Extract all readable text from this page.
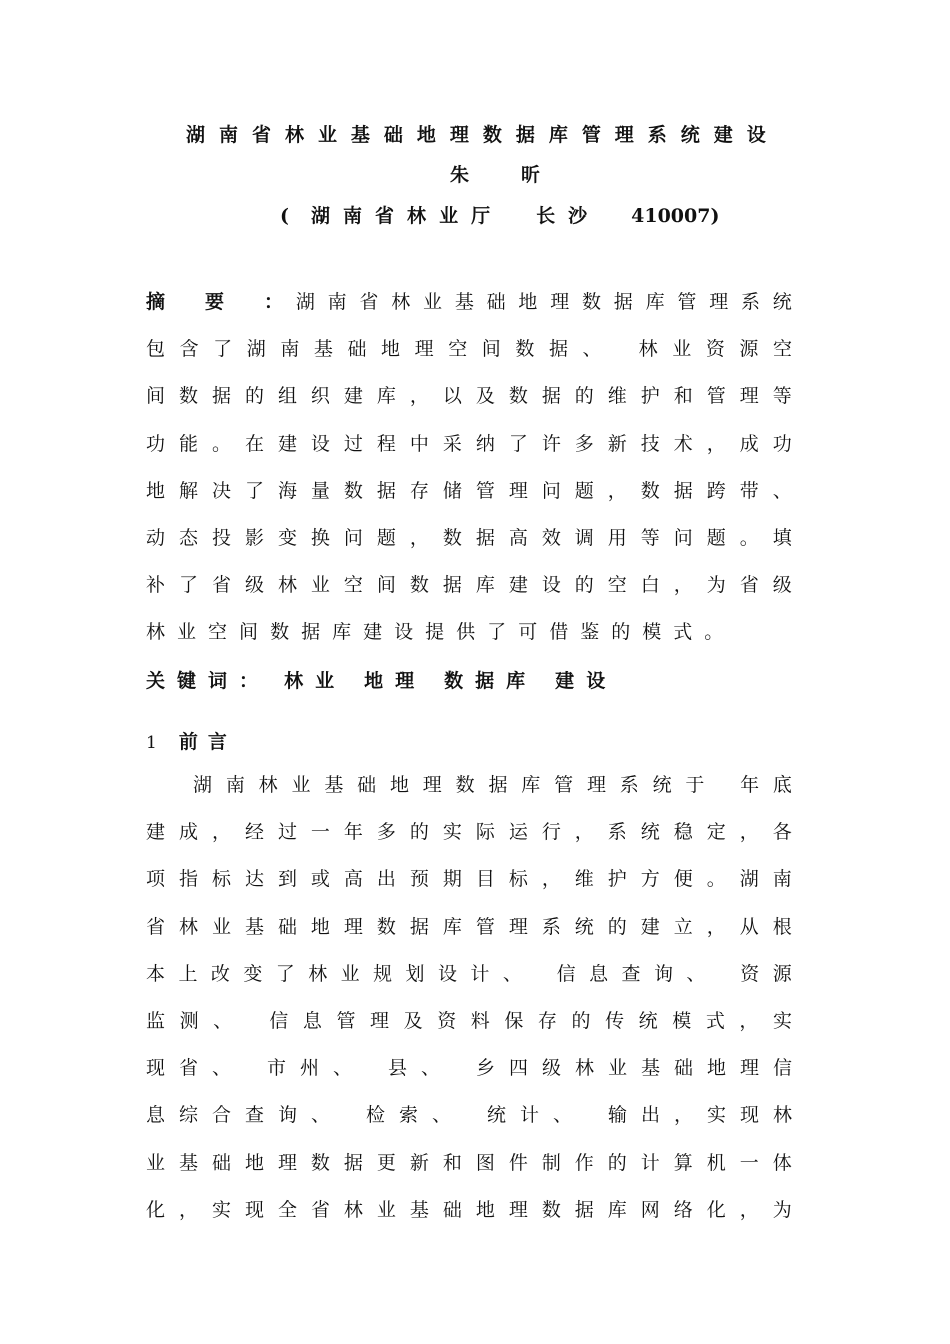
湖 南 省 林 业 基 础 地 理 数 据 库 管 理 系 统 建 设
朱	昕
( 湖 南 省 林 业 厅 长 沙 410007)
摘 要 ： 湖 南 省 林 业 基 础 地 理 数 据 库 管 理 系 统
包 含 了 湖 南 基 础 地 理 空 间 数 据 、 林 业 资 源 空
间 数 据 的 组 织 建 库 ， 以 及 数 据 的 维 护 和 管 理 等
功 能 。 在 建 设 过 程 中 采 纳 了 许 多 新 技 术 ， 成 功
地 解 决 了 海 量 数 据 存 储 管 理 问 题 ， 数 据 跨 带 、
动 态 投 影 变 换 问 题 ， 数 据 高 效 调 用 等 问 题 。 填
补 了 省 级 林 业 空 间 数 据 库 建 设 的 空 白 ， 为 省 级
林 业 空 间 数 据 库 建 设 提 供 了 可 借 鉴 的 模 式 。
关 键 词 ： 林 业 地 理 数 据 库 建 设
1 前 言
湖 南 林 业 基 础 地 理 数 据 库 管 理 系 统 于 年 底
建 成 ， 经 过 一 年 多 的 实 际 运 行 ， 系 统 稳 定 ， 各
项 指 标 达 到 或 高 出 预 期 目 标 ， 维 护 方 便 。 湖 南
省 林 业 基 础 地 理 数 据 库 管 理 系 统 的 建 立 ， 从 根
本 上 改 变 了 林 业 规 划 设 计 、 信 息 查 询 、 资 源
监 测 、 信 息 管 理 及 资 料 保 存 的 传 统 模 式 ， 实
现 省 、 市 州 、 县 、 乡 四 级 林 业 基 础 地 理 信
息 综 合 查 询 、 检 索 、 统 计 、 输 出 ， 实 现 林
业 基 础 地 理 数 据 更 新 和 图 件 制 作 的 计 算 机 一 体
化 ， 实 现 全 省 林 业 基 础 地 理 数 据 库 网 络 化 ， 为
